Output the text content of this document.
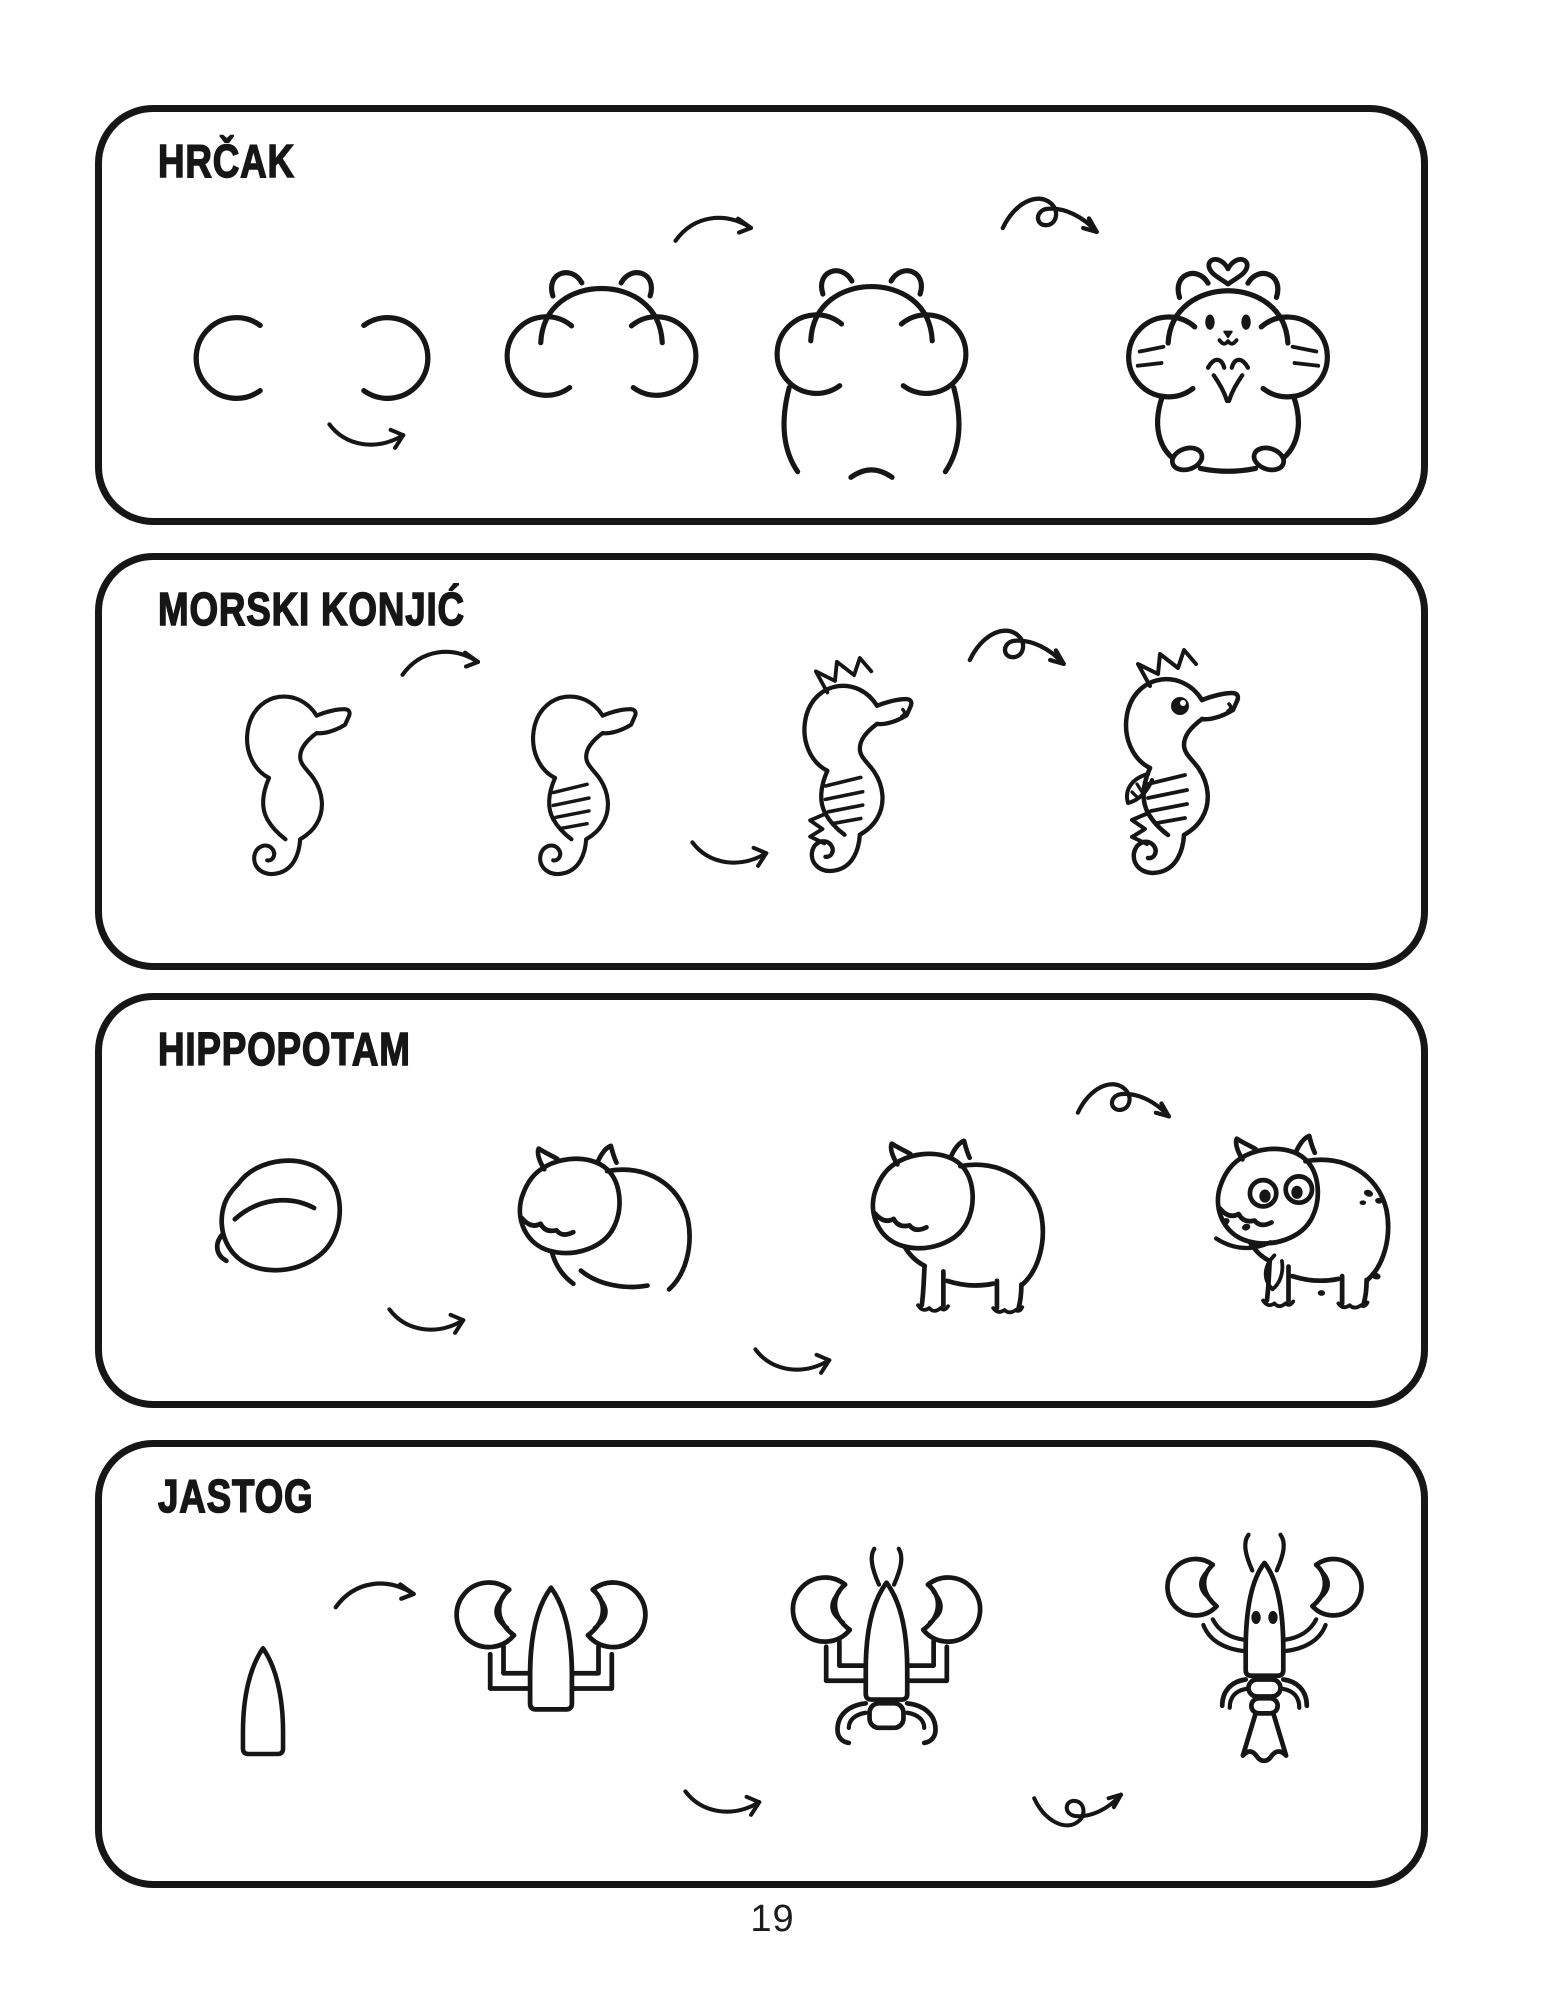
HRČAK
MORSKI KONJIĆ
HIPPOPOTAM
JASTOG
19
